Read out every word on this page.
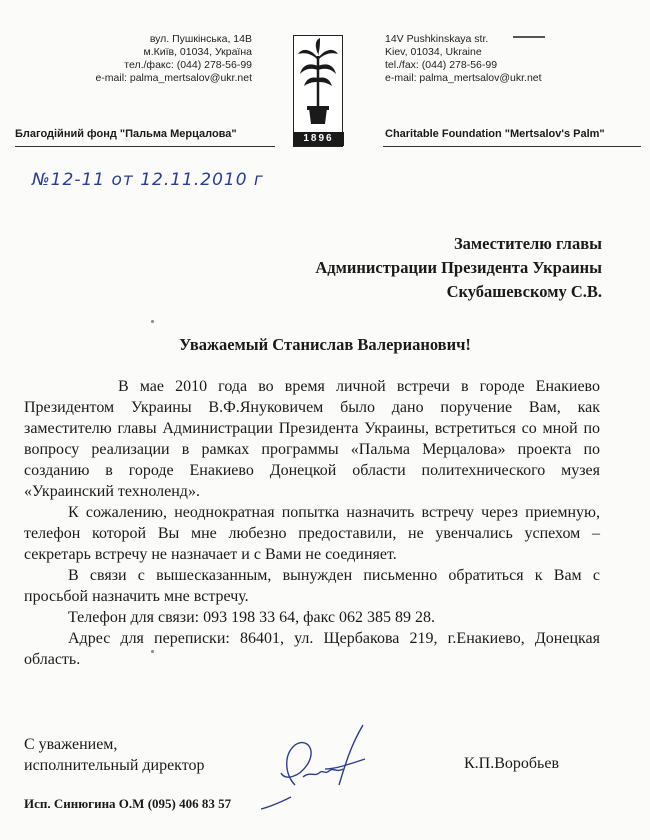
вул. Пушкінська, 14В
м.Київ, 01034, Україна
тел./факс: (044) 278-56-99
e-mail: palma_mertsalov@ukr.net
Благодійний фонд "Пальма Мерцалова"	1896
14V Pushkinskaya str.
Kiev, 01034, Ukraine
tel./fax: (044) 278-56-99
e-mail: palma_mertsalov@ukr.net
Charitable Foundation "Mertsalov's Palm"
№12-11 от 12.11.2010 г
Заместителю главы
Администрации Президента Украины
Скубашевскому С.В.
Уважаемый Станислав Валерианович!

В мае 2010 года во время личной встречи в городе Енакиево Президентом Украины В.Ф.Януковичем было дано поручение Вам, как заместителю главы Администрации Президента Украины, встретиться со мной по вопросу реализации в рамках программы «Пальма Мерцалова» проекта по созданию в городе Енакиево Донецкой области политехнического музея «Украинский техноленд».

К сожалению, неоднократная попытка назначить встречу через приемную, телефон которой Вы мне любезно предоставили, не увенчались успехом – секретарь встречу не назначает и с Вами не соединяет.

В связи с вышесказанным, вынужден письменно обратиться к Вам с просьбой назначить мне встречу.

Телефон для связи: 093 198 33 64, факс 062 385 89 28.

Адрес для переписки: 86401, ул. Щербакова 219, г.Енакиево, Донецкая область.

С уважением,
исполнительный директор	К.П.Воробьев
Исп. Синюгина О.М (095) 406 83 57
